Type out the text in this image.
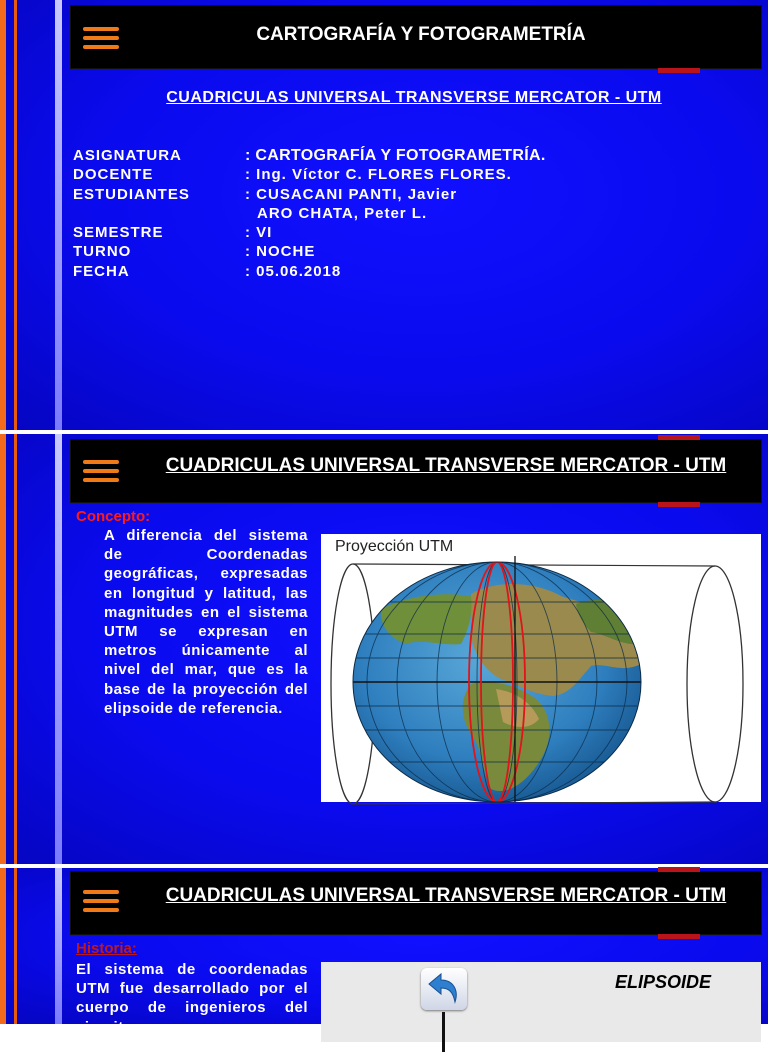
CARTOGRAFÍA Y FOTOGRAMETRÍA
CUADRICULAS UNIVERSAL TRANSVERSE MERCATOR - UTM
ASIGNATURA	: CARTOGRAFÍA Y FOTOGRAMETRÍA.
DOCENTE	: Ing. Víctor C. FLORES FLORES.
ESTUDIANTES	: CUSACANI PANTI, Javier
ARO CHATA, Peter L.
SEMESTRE	: VI
TURNO	: NOCHE
FECHA	: 05.06.2018
CUADRICULAS UNIVERSAL TRANSVERSE MERCATOR - UTM
Concepto:
A diferencia del sistema de Coordenadas geográficas, expresadas en longitud y latitud, las magnitudes en el sistema UTM se expresan en metros únicamente al nivel del mar, que es la base de la proyección del elipsoide de referencia.
Proyección UTM
CUADRICULAS UNIVERSAL TRANSVERSE MERCATOR - UTM
Historia:
El sistema de coordenadas UTM fue desarrollado por el cuerpo de ingenieros del ejercito
ELIPSOIDE
